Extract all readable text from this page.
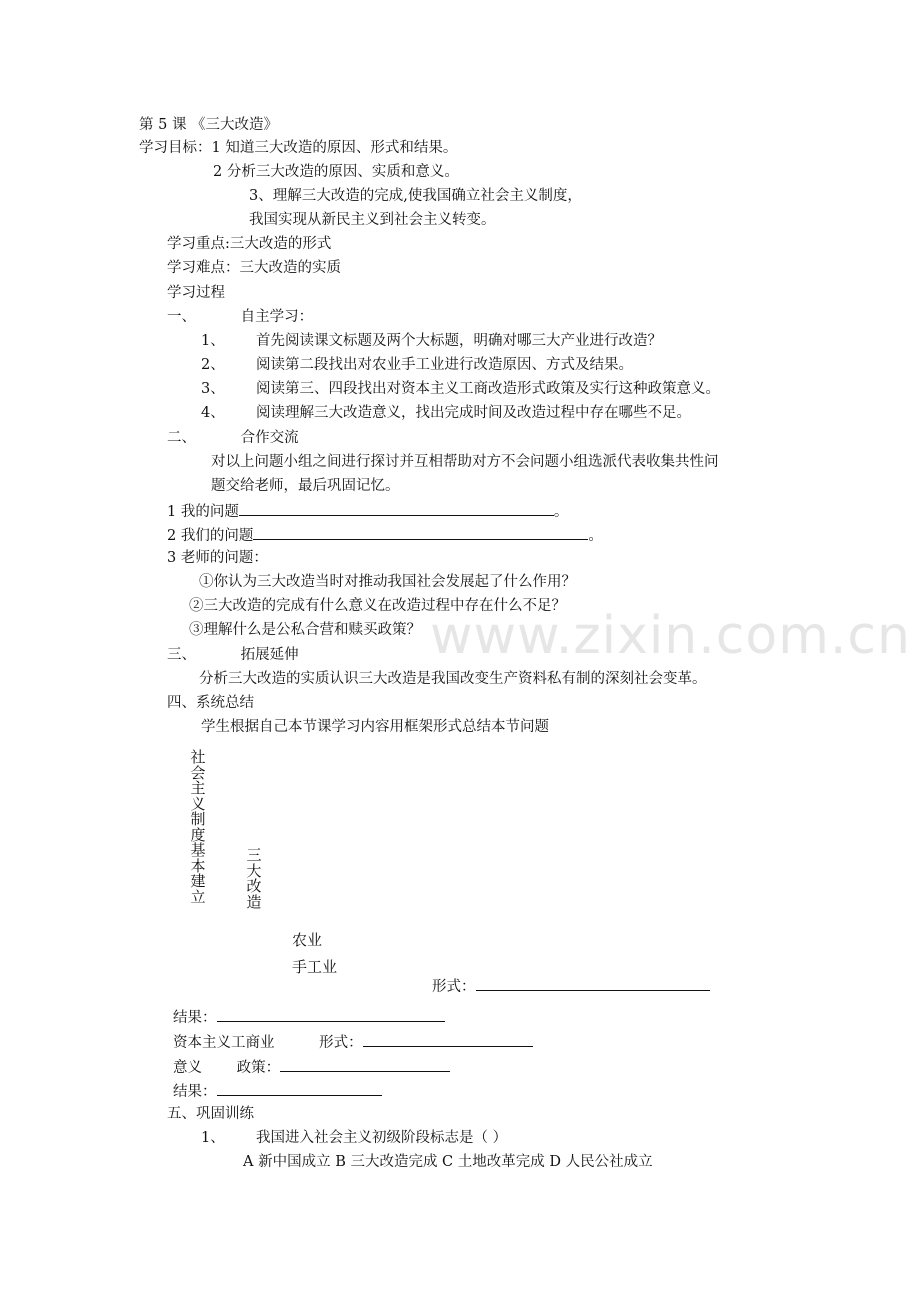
www.zixin.com.cn
第 5 课 《三大改造》
学习目标：1 知道三大改造的原因、形式和结果。
2 分析三大改造的原因、实质和意义。
3、理解三大改造的完成,使我国确立社会主义制度，
我国实现从新民主义到社会主义转变。
学习重点:三大改造的形式
学习难点：三大改造的实质
学习过程
一、	自主学习：
1、 首先阅读课文标题及两个大标题，明确对哪三大产业进行改造？
2、 阅读第二段找出对农业手工业进行改造原因、方式及结果。
3、 阅读第三、四段找出对资本主义工商改造形式政策及实行这种政策意义。
4、 阅读理解三大改造意义，找出完成时间及改造过程中存在哪些不足。
二、	合作交流
对以上问题小组之间进行探讨并互相帮助对方不会问题小组选派代表收集共性问
题交给老师，最后巩固记忆。
1 我的问题	。
2 我们的问题	。
3 老师的问题：
①你认为三大改造当时对推动我国社会发展起了什么作用？
②三大改造的完成有什么意义在改造过程中存在什么不足？
③理解什么是公私合营和赎买政策？
三、	拓展延伸
分析三大改造的实质认识三大改造是我国改变生产资料私有制的深刻社会变革。
四、系统总结
学生根据自己本节课学习内容用框架形式总结本节问题
社
会
主
义
制
度
基
本
建
立
三
大
改
造
农业
手工业
形式：
结果：
资本主义工商业	形式：
意义 政策：
结果：
五、巩固训练
1、 我国进入社会主义初级阶段标志是（ ）
A 新中国成立 B 三大改造完成 C 土地改革完成 D 人民公社成立
